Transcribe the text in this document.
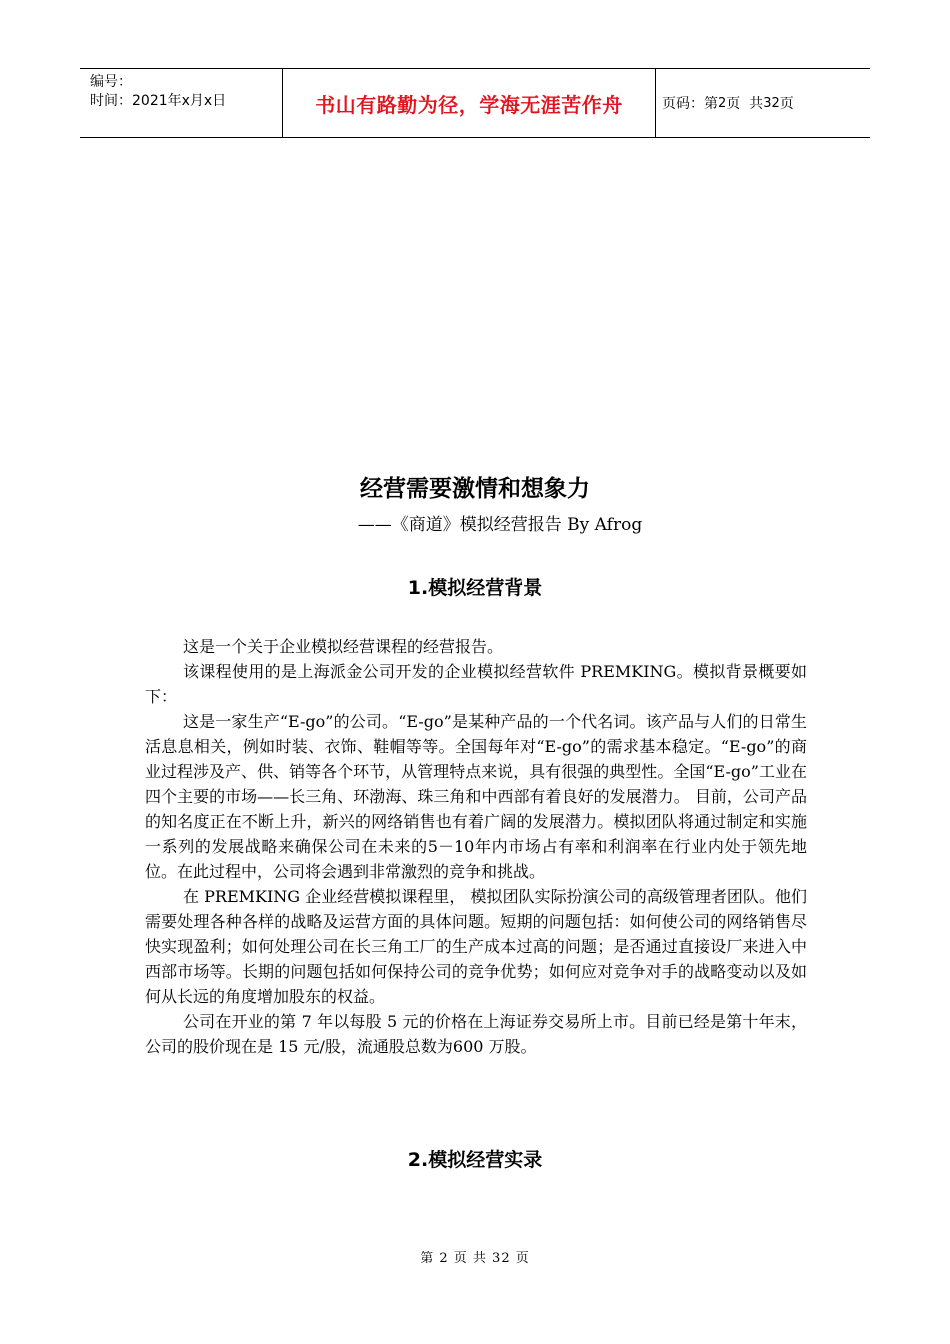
编号：
时间：2021年x月x日	书山有路勤为径，学海无涯苦作舟	页码：第 2 页  共 32 页
经营需要激情和想象力
——《商道》模拟经营报告 By Afrog
1.模拟经营背景

这是一个关于企业模拟经营课程的经营报告。

该课程使用的是上海派金公司开发的企业模拟经营软件 PREMKING。模拟背景概要如下：

这是一家生产“E-go”的公司。“E-go”是某种产品的一个代名词。该产品与人们的日常生活息息相关，例如时装、衣饰、鞋帽等等。全国每年对“E-go”的需求基本稳定。“E-go”的商业过程涉及产、供、销等各个环节，从管理特点来说，具有很强的典型性。全国“E-go”工业在四个主要的市场——长三角、环渤海、珠三角和中西部有着良好的发展潜力。 目前，公司产品的知名度正在不断上升，新兴的网络销售也有着广阔的发展潜力。模拟团队将通过制定和实施一系列的发展战略来确保公司在未来的5－10年内市场占有率和利润率在行业内处于领先地位。在此过程中，公司将会遇到非常激烈的竞争和挑战。

在 PREMKING 企业经营模拟课程里， 模拟团队实际扮演公司的高级管理者团队。他们需要处理各种各样的战略及运营方面的具体问题。短期的问题包括：如何使公司的网络销售尽快实现盈利；如何处理公司在长三角工厂的生产成本过高的问题；是否通过直接设厂来进入中西部市场等。长期的问题包括如何保持公司的竞争优势；如何应对竞争对手的战略变动以及如何从长远的角度增加股东的权益。

公司在开业的第 7 年以每股 5 元的价格在上海证券交易所上市。目前已经是第十年末，公司的股价现在是 15 元/股，流通股总数为600 万股。

2.模拟经营实录
第 2 页 共 32 页
